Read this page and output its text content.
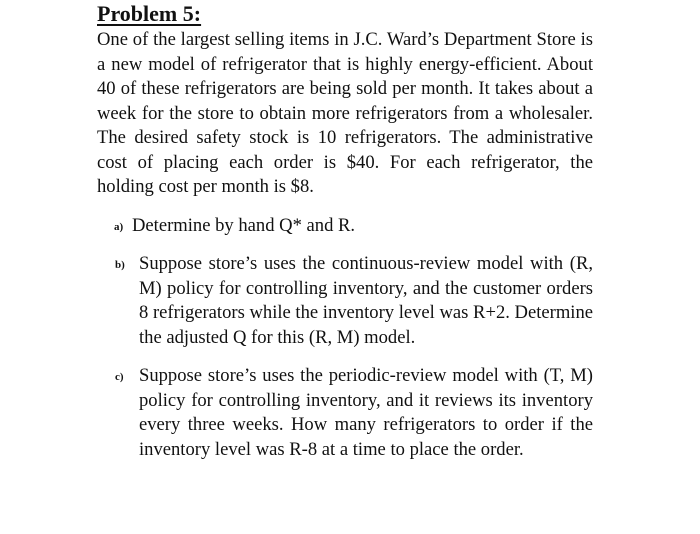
Problem 5:

One of the largest selling items in J.C. Ward’s Department Store is a new model of refrigerator that is highly energy-efficient. About 40 of these refrigerators are being sold per month. It takes about a week for the store to obtain more refrigerators from a wholesaler. The desired safety stock is 10 refrigerators. The administrative cost of placing each order is $40. For each refrigerator, the holding cost per month is $8.

a) Determine by hand Q* and R.
b) Suppose store’s uses the continuous-review model with (R, M) policy for controlling inventory, and the customer orders 8 refrigerators while the inventory level was R+2. Determine the adjusted Q for this (R, M) model.
c) Suppose store’s uses the periodic-review model with (T, M) policy for controlling inventory, and it reviews its inventory every three weeks. How many refrigerators to order if the inventory level was R-8 at a time to place the order.
